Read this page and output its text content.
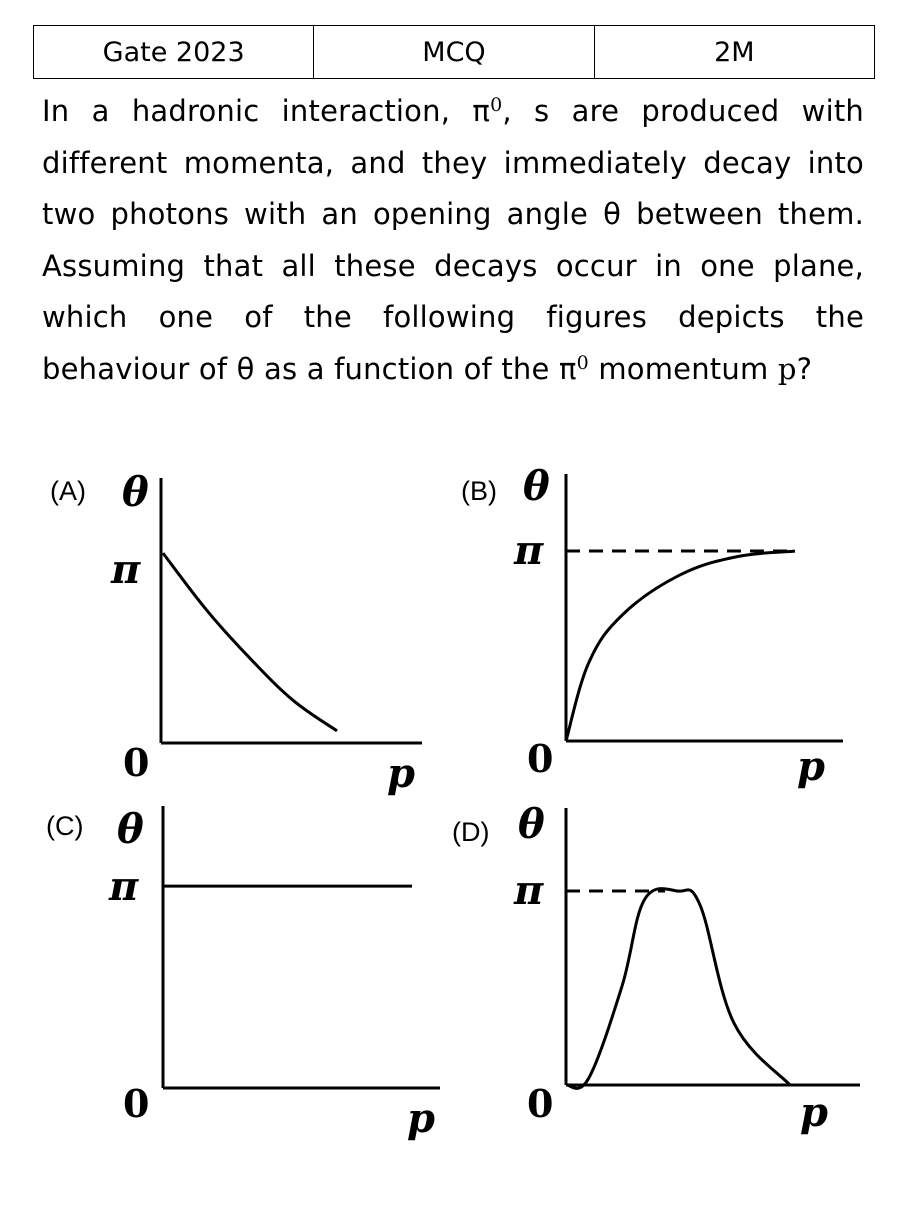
Gate 2023	MCQ	2M
In a hadronic interaction, $\pi^0$, s are produced with different momenta, and they immediately decay into two photons with an opening angle θ between them. Assuming that all these decays occur in one plane, which one of the following figures depicts the behaviour of θ as a function of the $\pi^0$ momentum p?
(A)	(B)
(C)	(D)
θ
π
0	p
θ
π
0	p
θ
π
0	p
θ
π
0	p
